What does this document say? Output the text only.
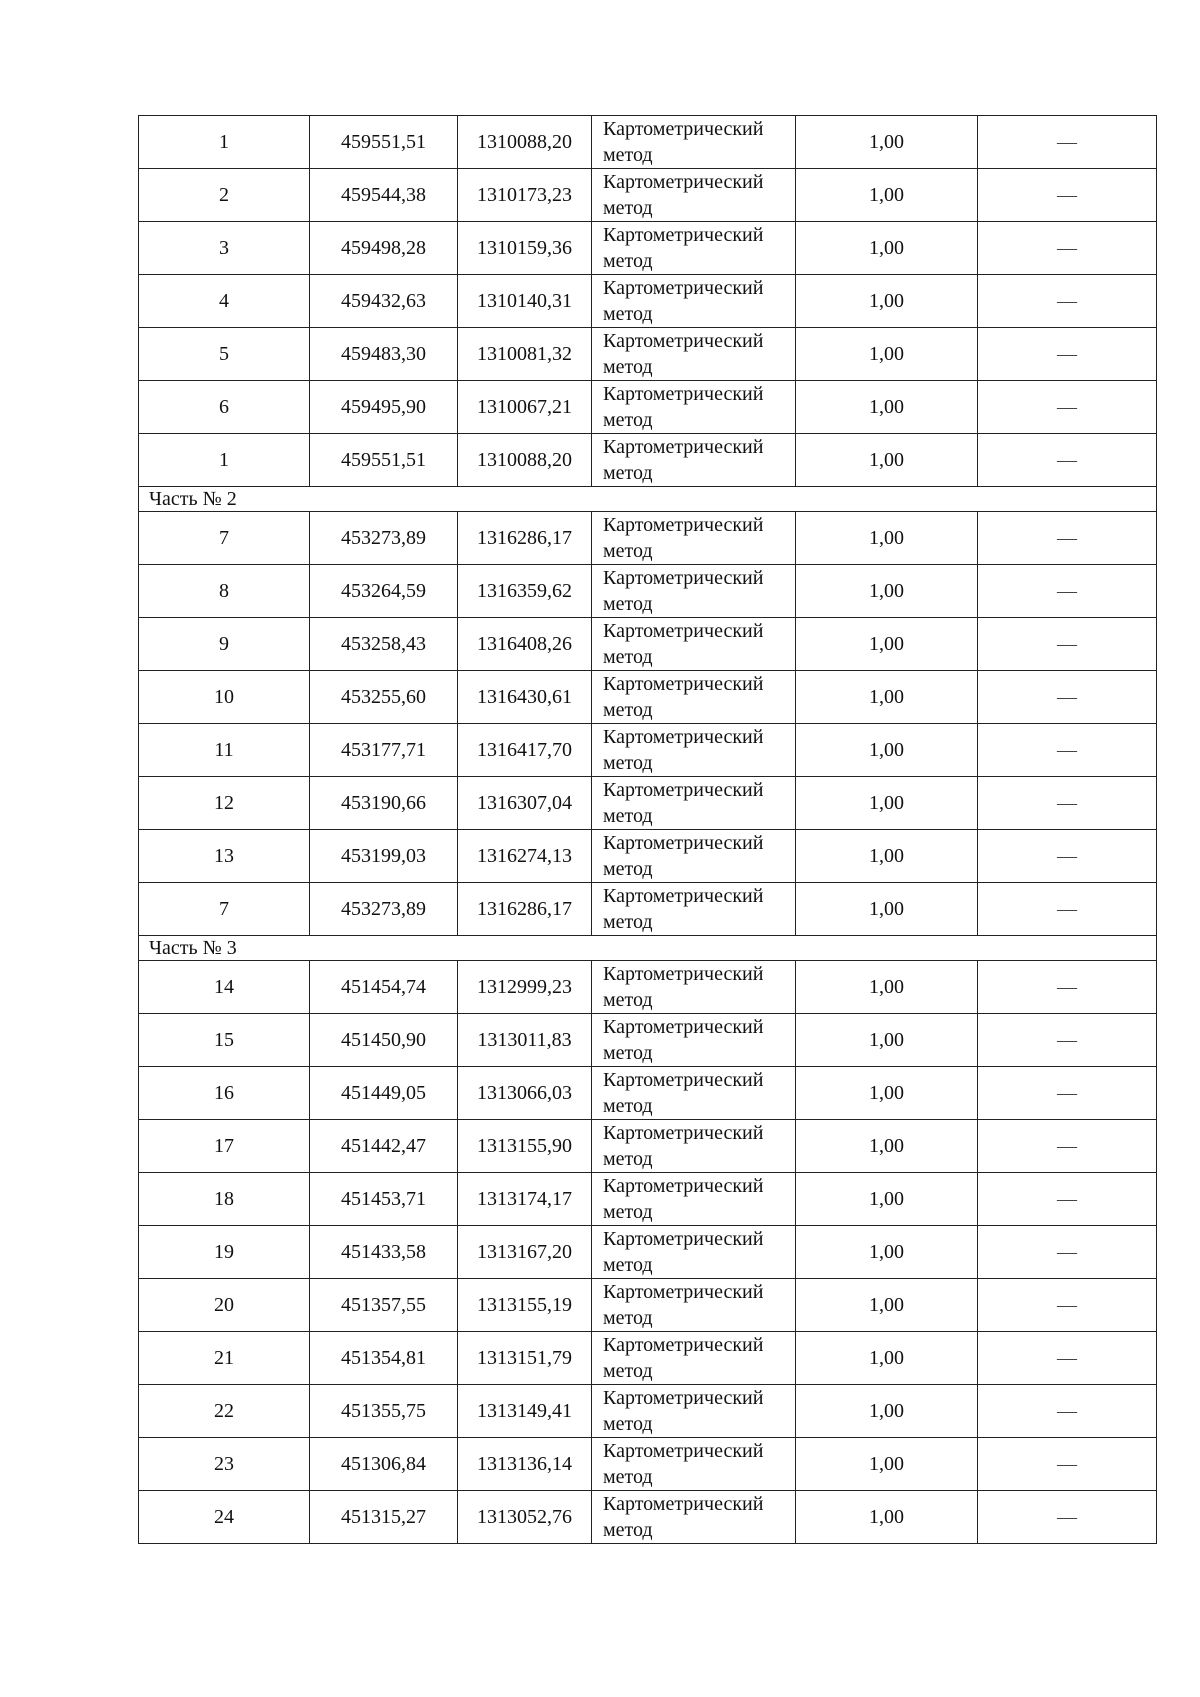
1	459551,51	1310088,20	Картометрический метод	1,00	—
2	459544,38	1310173,23	Картометрический метод	1,00	—
3	459498,28	1310159,36	Картометрический метод	1,00	—
4	459432,63	1310140,31	Картометрический метод	1,00	—
5	459483,30	1310081,32	Картометрический метод	1,00	—
6	459495,90	1310067,21	Картометрический метод	1,00	—
1	459551,51	1310088,20	Картометрический метод	1,00	—
Часть № 2					
7	453273,89	1316286,17	Картометрический метод	1,00	—
8	453264,59	1316359,62	Картометрический метод	1,00	—
9	453258,43	1316408,26	Картометрический метод	1,00	—
10	453255,60	1316430,61	Картометрический метод	1,00	—
11	453177,71	1316417,70	Картометрический метод	1,00	—
12	453190,66	1316307,04	Картометрический метод	1,00	—
13	453199,03	1316274,13	Картометрический метод	1,00	—
7	453273,89	1316286,17	Картометрический метод	1,00	—
Часть № 3					
14	451454,74	1312999,23	Картометрический метод	1,00	—
15	451450,90	1313011,83	Картометрический метод	1,00	—
16	451449,05	1313066,03	Картометрический метод	1,00	—
17	451442,47	1313155,90	Картометрический метод	1,00	—
18	451453,71	1313174,17	Картометрический метод	1,00	—
19	451433,58	1313167,20	Картометрический метод	1,00	—
20	451357,55	1313155,19	Картометрический метод	1,00	—
21	451354,81	1313151,79	Картометрический метод	1,00	—
22	451355,75	1313149,41	Картометрический метод	1,00	—
23	451306,84	1313136,14	Картометрический метод	1,00	—
24	451315,27	1313052,76	Картометрический метод	1,00	—
